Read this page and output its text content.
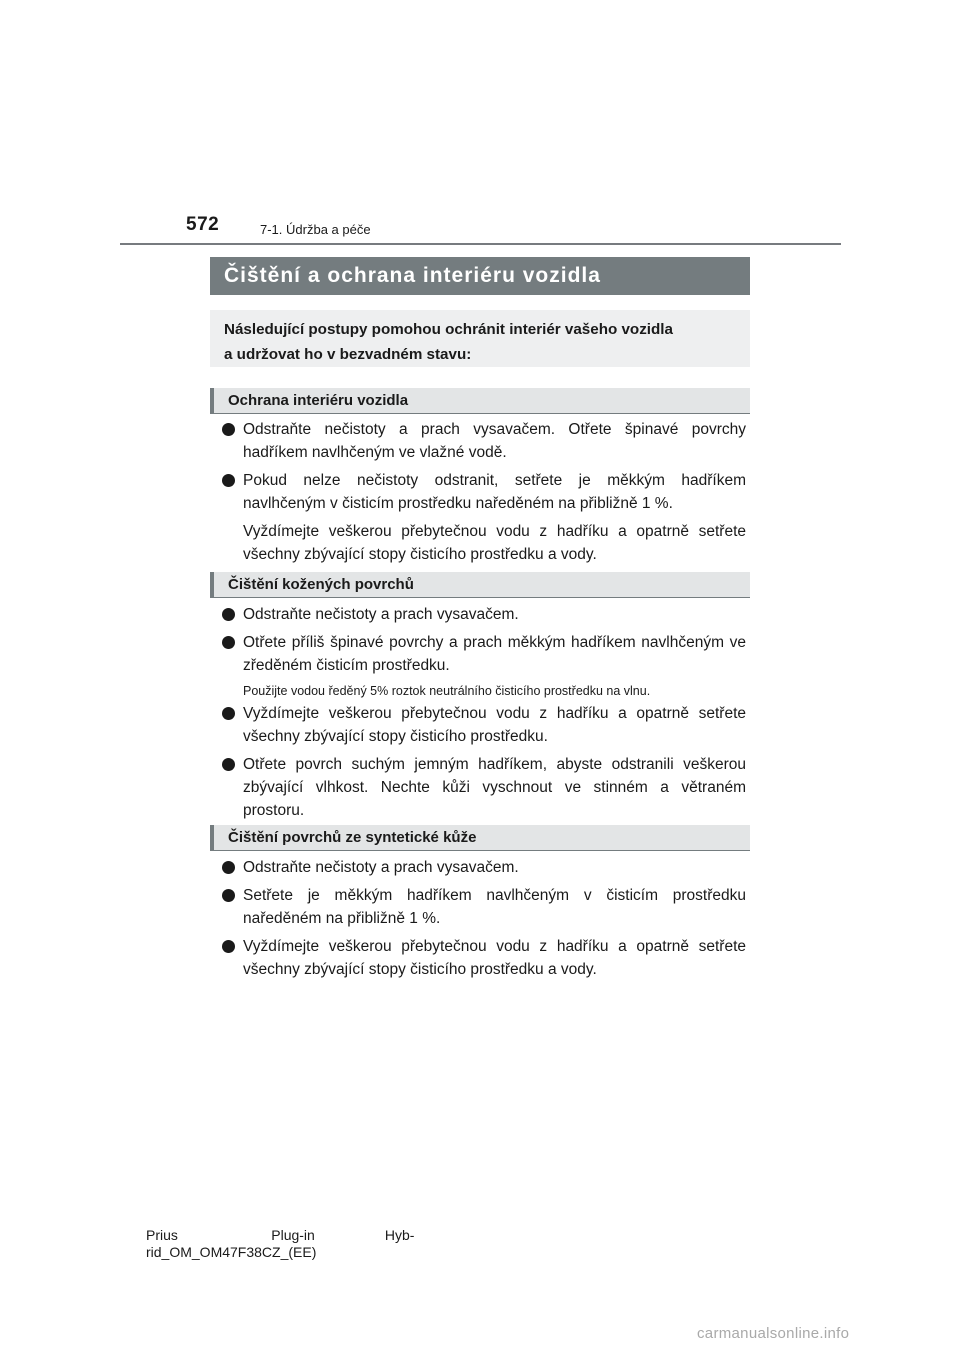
572	7-1. Údržba a péče
Čištění a ochrana interiéru vozidla
Následující postupy pomohou ochránit interiér vašeho vozidla
a udržovat ho v bezvadném stavu:
Ochrana interiéru vozidla
Odstraňte nečistoty a prach vysavačem. Otřete špinavé povrchy hadříkem navlhčeným ve vlažné vodě.
Pokud nelze nečistoty odstranit, setřete je měkkým hadříkem navlhčeným v čisticím prostředku naředěném na přibližně 1 %.
Vyždímejte veškerou přebytečnou vodu z hadříku a opatrně setřete všechny zbývající stopy čisticího prostředku a vody.
Čištění kožených povrchů
Odstraňte nečistoty a prach vysavačem.
Otřete příliš špinavé povrchy a prach měkkým hadříkem navlhčeným ve zředěném čisticím prostředku.
Použijte vodou ředěný 5% roztok neutrálního čisticího prostředku na vlnu.
Vyždímejte veškerou přebytečnou vodu z hadříku a opatrně setřete všechny zbývající stopy čisticího prostředku.
Otřete povrch suchým jemným hadříkem, abyste odstranili veškerou zbývající vlhkost. Nechte kůži vyschnout ve stinném a větraném prostoru.
Čištění povrchů ze syntetické kůže
Odstraňte nečistoty a prach vysavačem.
Setřete je měkkým hadříkem navlhčeným v čisticím prostředku naředěném na přibližně 1 %.
Vyždímejte veškerou přebytečnou vodu z hadříku a opatrně setřete všechny zbývající stopy čisticího prostředku a vody.
Prius                        Plug-in                  Hyb-
rid_OM_OM47F38CZ_(EE)
carmanualsonline.info
